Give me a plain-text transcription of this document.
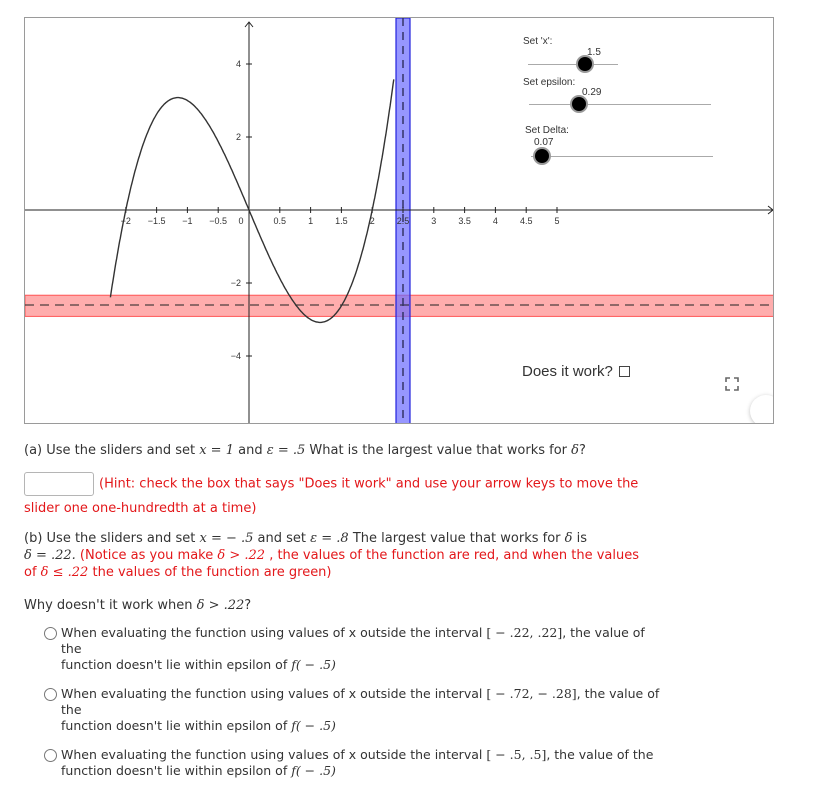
−2 −1.5 −1 −0.5 0	0.5 1 1.5 2 2.5 3 3.5 4 4.5 5
4
2
−2
−4
Set 'x':
1.5
Set epsilon:
0.29
Set Delta:
0.07
Does it work?
(a) Use the sliders and set x = 1 and ε = .5 What is the largest value that works for δ?
(Hint: check the box that says "Does it work" and use your arrow keys to move the
slider one one-hundredth at a time)
(b) Use the sliders and set x = − .5 and set ε = .8 The largest value that works for δ is
δ = .22. (Notice as you make δ > .22 , the values of the function are red, and when the values
of δ ≤ .22 the values of the function are green)
Why doesn't it work when δ > .22?
When evaluating the function using values of x outside the interval [ − .22, .22], the value of the
function doesn't lie within epsilon of f( − .5)
When evaluating the function using values of x outside the interval [ − .72, − .28], the value of the
function doesn't lie within epsilon of f( − .5)
When evaluating the function using values of x outside the interval [ − .5, .5], the value of the
function doesn't lie within epsilon of f( − .5)
